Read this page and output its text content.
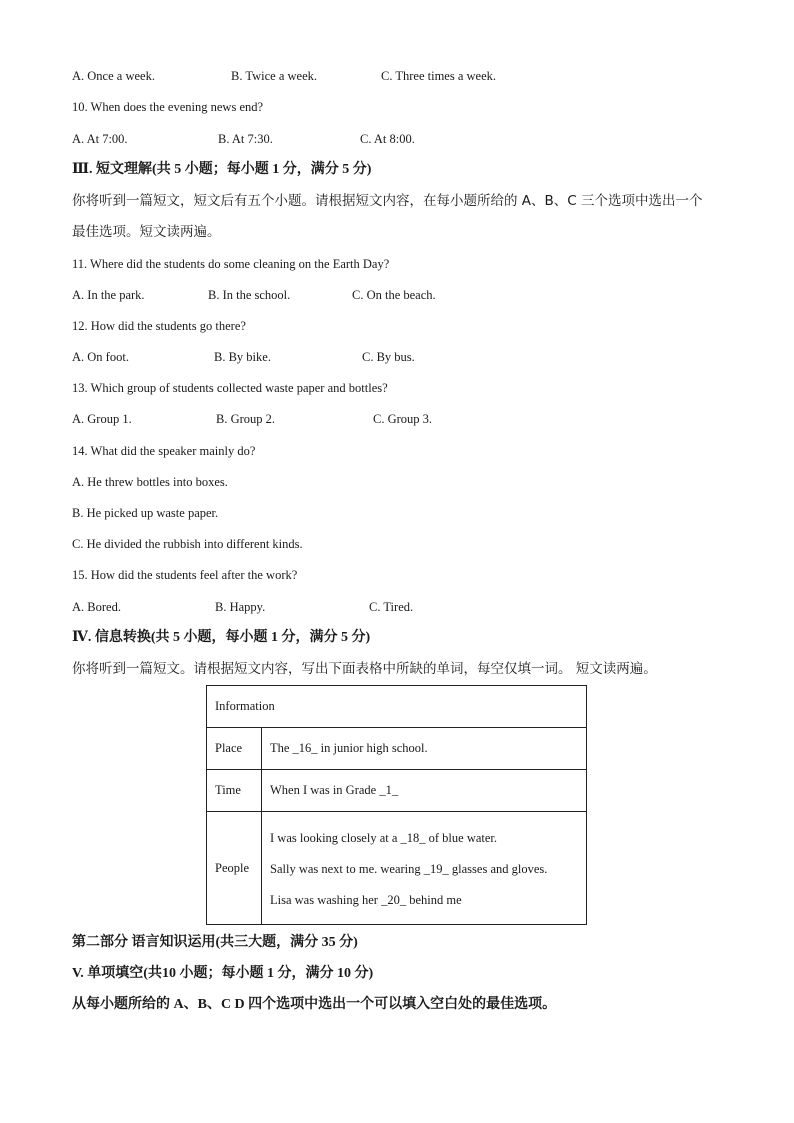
A. Once a week.	B. Twice a week.	C. Three times a week.
10. When does the evening news end?
A. At 7:00.	B. At 7:30.	C. At 8:00.
Ⅲ. 短文理解(共 5 小题；每小题 1 分，满分 5 分)
你将听到一篇短文，短文后有五个小题。请根据短文内容，在每小题所给的 A、B、C 三个选项中选出一个
最佳选项。短文读两遍。
11. Where did the students do some cleaning on the Earth Day?
A. In the park.	B. In the school.	C. On the beach.
12. How did the students go there?
A. On foot.	B. By bike.	C. By bus.
13. Which group of students collected waste paper and bottles?
A. Group 1.	B. Group 2.	C. Group 3.
14. What did the speaker mainly do?
A. He threw bottles into boxes.
B. He picked up waste paper.
C. He divided the rubbish into different kinds.
15. How did the students feel after the work?
A. Bored.	B. Happy.	C. Tired.
Ⅳ. 信息转换(共 5 小题，每小题 1 分，满分 5 分)
你将听到一篇短文。请根据短文内容，写出下面表格中所缺的单词，每空仅填一词。 短文读两遍。
Information	
Place	The _16_ in junior high school.
Time	When I was in Grade _1_
People	I was looking closely at a _18_ of blue water.
Sally was next to me. wearing _19_ glasses and gloves.
Lisa was washing her _20_ behind me
第二部分 语言知识运用(共三大题，满分 35 分)
V. 单项填空(共10 小题；每小题 1 分，满分 10 分)
从每小题所给的 A、B、C D 四个选项中选出一个可以填入空白处的最佳选项。
